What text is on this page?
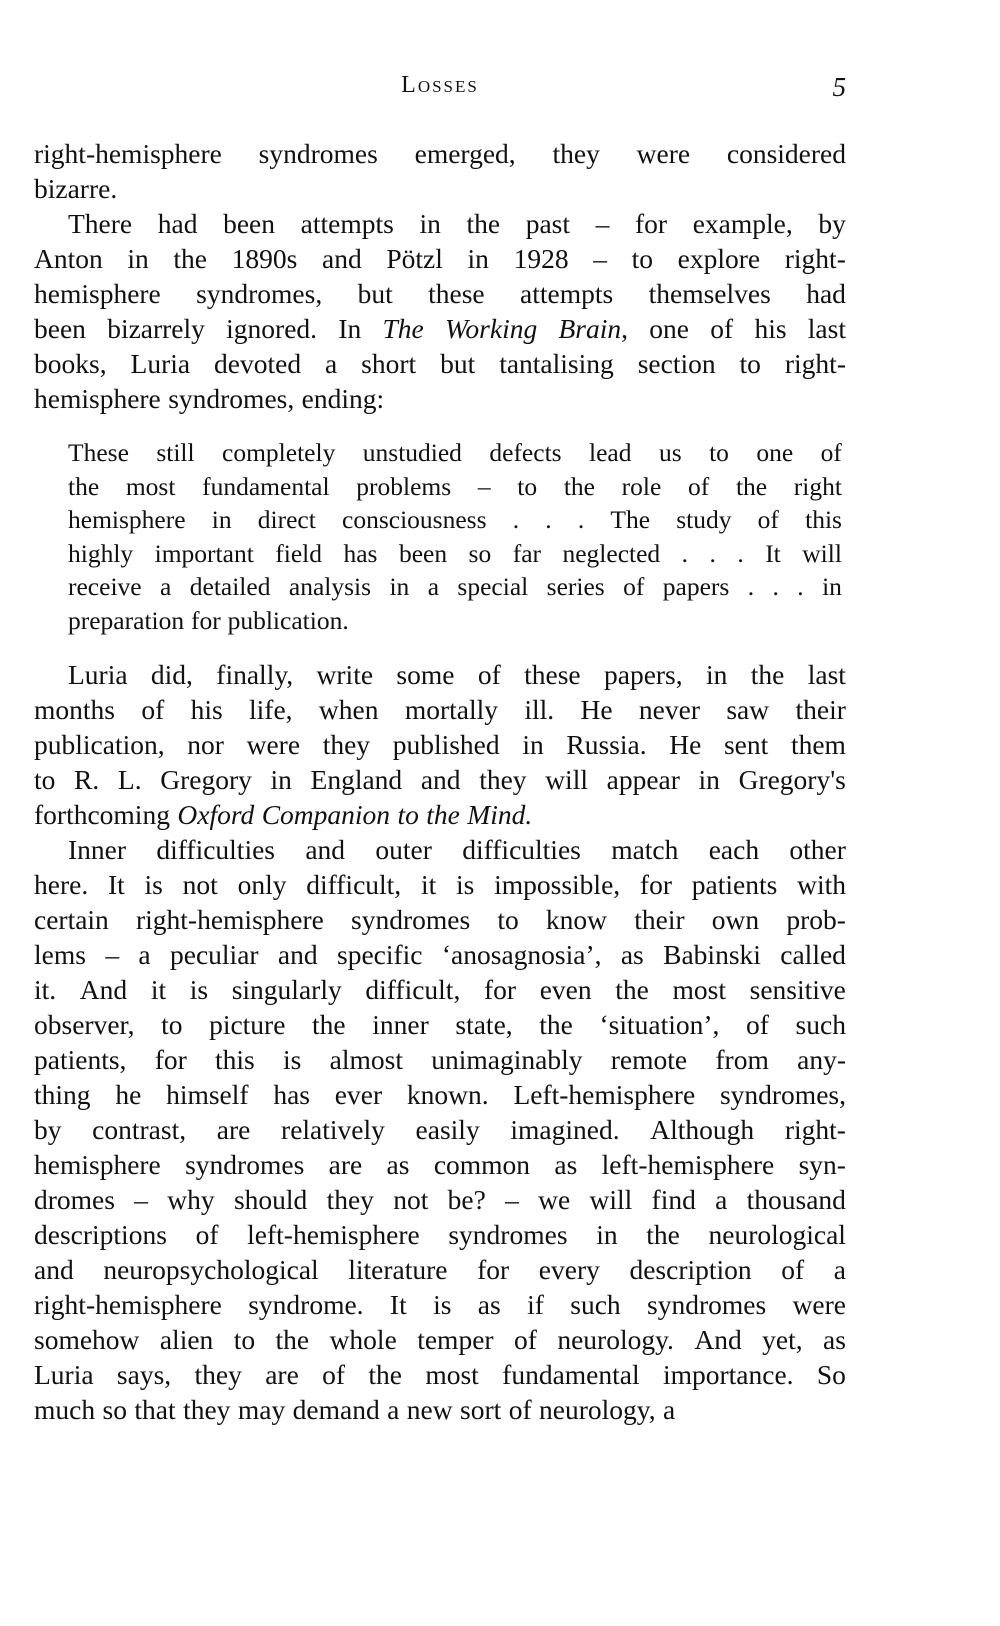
Losses	5
right-hemisphere syndromes emerged, they were considered
bizarre.
There had been attempts in the past – for example, by
Anton in the 1890s and Pötzl in 1928 – to explore right-
hemisphere syndromes, but these attempts themselves had
been bizarrely ignored. In The Working Brain, one of his last
books, Luria devoted a short but tantalising section to right-
hemisphere syndromes, ending:
These still completely unstudied defects lead us to one of
the most fundamental problems – to the role of the right
hemisphere in direct consciousness . . . The study of this
highly important field has been so far neglected . . . It will
receive a detailed analysis in a special series of papers . . . in
preparation for publication.
Luria did, finally, write some of these papers, in the last
months of his life, when mortally ill. He never saw their
publication, nor were they published in Russia. He sent them
to R. L. Gregory in England and they will appear in Gregory's
forthcoming Oxford Companion to the Mind.
Inner difficulties and outer difficulties match each other
here. It is not only difficult, it is impossible, for patients with
certain right-hemisphere syndromes to know their own prob-
lems – a peculiar and specific ‘anosagnosia’, as Babinski called
it. And it is singularly difficult, for even the most sensitive
observer, to picture the inner state, the ‘situation’, of such
patients, for this is almost unimaginably remote from any-
thing he himself has ever known. Left-hemisphere syndromes,
by contrast, are relatively easily imagined. Although right-
hemisphere syndromes are as common as left-hemisphere syn-
dromes – why should they not be? – we will find a thousand
descriptions of left-hemisphere syndromes in the neurological
and neuropsychological literature for every description of a
right-hemisphere syndrome. It is as if such syndromes were
somehow alien to the whole temper of neurology. And yet, as
Luria says, they are of the most fundamental importance. So
much so that they may demand a new sort of neurology, a
